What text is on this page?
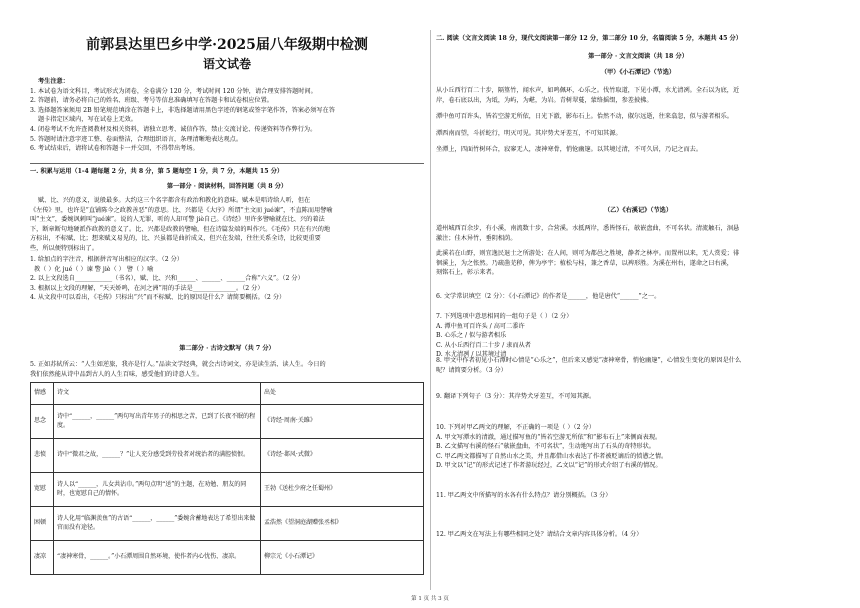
前郭县达里巴乡中学·2025届八年级期中检测
语文试卷
考生注意：
1. 本试卷为语文科目，考试形式为闭卷，全卷满分 120 分，考试时间 120 分钟，请合理安排答题时间。
2. 答题前，请务必将自己的姓名、班级、考号等信息准确填写在答题卡和试卷相应位置。
3. 选择题答案须用 2B 铅笔规范填涂在答题卡上，非选择题请用黑色字迹的钢笔或签字笔作答，答案必须写在答
题卡指定区域内，写在试卷上无效。
4. 闭卷考试不允许查阅教材及相关资料，请独立思考、诚信作答，禁止交流讨论、传递资料等作弊行为。
5. 答题时请注意字迹工整、卷面整洁，合理组织语言，条理清晰地表达观点。
6. 考试结束后，请将试卷和答题卡一并交回，不得带出考场。
一. 积累与运用（1-4 题每题 2 分，共 8 分，第 5 题每空 1 分，共 7 分，本题共 15 分）
第一部分 · 阅读材料，回答问题（共 8 分）
赋、比、兴的意义，说般最多。大约这三个名字都含有政治和教化的意味。赋本是唱诗给人听，但在
《左传》里，也许是“直铺陈今之政教善恶”的意思。比、兴都是《大序》所谓“主文而 jué谏”，不直陈而用譬喻
叫“主文”，委婉讽刺叫“jué谏”。说的人无罪，听的人却可警 jiè自己。《诗经》里许多譬喻就在比、兴的着法
下，断章断句地硬派作政教的意义了。比、兴都是政教的譬喻，但在诗篇发端的叫作兴。《毛传》只在有兴的地
方标出，不标赋、比；想来赋义易见的，比、兴虽都是曲折成义，但兴在发端，往往关系全诗，比较更重要
些，所以便特别标出了。
1. 给加点的字注音，根据拼音写出相应的汉字。（2 分）
教（ ）化 jué（ ）谏 警 jiè（ ） 譬（ ）喻
2. 以上文段选自____________（书名），赋、比、兴和______、______、______合称“六义”。（2 分）
3. 根据以上文段的理解，“天天娇鸣，在河之洲”用的手法是______________。（2 分）
4. 从文段中可以看出，《毛传》只标出“兴”而不标赋、比的原因是什么？请简要概括。（2 分）
第二部分 · 古诗文默写（共 7 分）
5. 正如苏轼所云：“人生如逆旅，我亦是行人。”品读文学经典，就会古诗词文，亦是读生活、读人生。今日的
我们依然能从诗中品到古人的人生百味，感受他们的诗意人生。
情感	诗文	出处
思念	诗中“______，______”两句写出青年男子的相思之苦，已到了长夜不眠的程度。	《诗经·周南·关雎》
悲愤	诗中“微君之故，______？”让人充分感受到劳役者对统治者的满腔愤恨。	《诗经·邶风·式微》
宽慰	诗人以“______，儿女共沾巾。”两句点明“送”的主题，在劝勉、朋友的同时，也宽慰自己的情怀。	王勃《送杜少府之任蜀州》
困顿	诗人化用“临渊羡鱼”的古语“______，______”委婉含蓄地表达了希望出来做官而没有途径。	孟浩然《望洞庭湖赠张丞相》
凄凉	“凄神寒骨，______。”小石潭周围自然环境，使作者内心忧伤、凄凉。	柳宗元《小石潭记》
二. 阅读（文言文阅读 18 分，现代文阅读第一部分 12 分，第二部分 10 分，名篇阅读 5 分，本题共 45 分）
第一部分 · 文言文阅读（共 18 分）
（甲）《小石潭记》（节选）
从小丘西行百二十步，隔篁竹，闻水声，如鸣佩环，心乐之。伐竹取道，下见小潭，水尤清冽。全石以为底，近
岸，卷石底以出，为坻，为屿，为嵁，为岩。青树翠蔓，蒙络摇缀，参差披拂。
潭中鱼可百许头，皆若空游无所依，日光下澈，影布石上。佁然不动，俶尔远逝，往来翕忽，似与游者相乐。
潭西南而望，斗折蛇行，明灭可见。其岸势犬牙差互，不可知其源。
坐潭上，四面竹树环合，寂寥无人，凄神寒骨，悄怆幽邃。以其境过清，不可久居，乃记之而去。
（乙）《右溪记》（节选）
道州城西百余步，有小溪，南流数十步，合营溪。水抵两岸，悉皆怪石，欹嵌盘曲，不可名状。清流触石，洄悬
激注；佳木异竹，垂阴相荫。
此溪若在山野，则宜逸民退士之所游处；在人间，则可为都邑之胜境，静者之林亭。而置州以来，无人赏爱；徘
徊溪上，为之怅然。乃疏凿芜秽，俾为亭宇；植松与桂，兼之香草，以裨形胜。为溪在州右，遂命之曰右溪，
刻铭石上，彰示来者。
6. 文学常识填空（2 分）：《小石潭记》的作者是______，他是唐代“______”之一。
7. 下列选项中意思相同的一组句子是（ ）（2 分）
A. 潭中鱼可百许头 / 高可二黍许
B. 心乐之 / 似与游者相乐
C. 从小丘西行百二十步 / 隶而从者
D. 水尤清冽 / 以其境过清
8. 甲文中作者初见小石潭时心情是“心乐之”，但后来又感觉“凄神寒骨，悄怆幽邃”，心情发生变化的原因是什么
呢？请简要分析。（3 分）
9. 翻译下列句子（3 分）：其岸势犬牙差互，不可知其源。
10. 下列对甲乙两文的理解，不正确的一项是（ ）（2 分）
A. 甲文写潭水的清澈，通过描写鱼的“皆若空游无所依”和“影布石上”来侧面表现。
B. 乙文描写右溪的怪石“欹嵌盘曲，不可名状”，生动地写出了石头的奇特形状。
C. 甲乙两文都描写了自然山水之美，并且都借山水表达了作者被贬谪后的愤懑之情。
D. 甲文以“记”的形式记述了作者游玩经过，乙文以“记”的形式介绍了右溪的情况。
11. 甲乙两文中所描写的水各有什么特点？请分别概括。（3 分）
12. 甲乙两文在写法上有哪些相同之处？请结合文章内容具体分析。（4 分）
第 1 页 共 3 页
